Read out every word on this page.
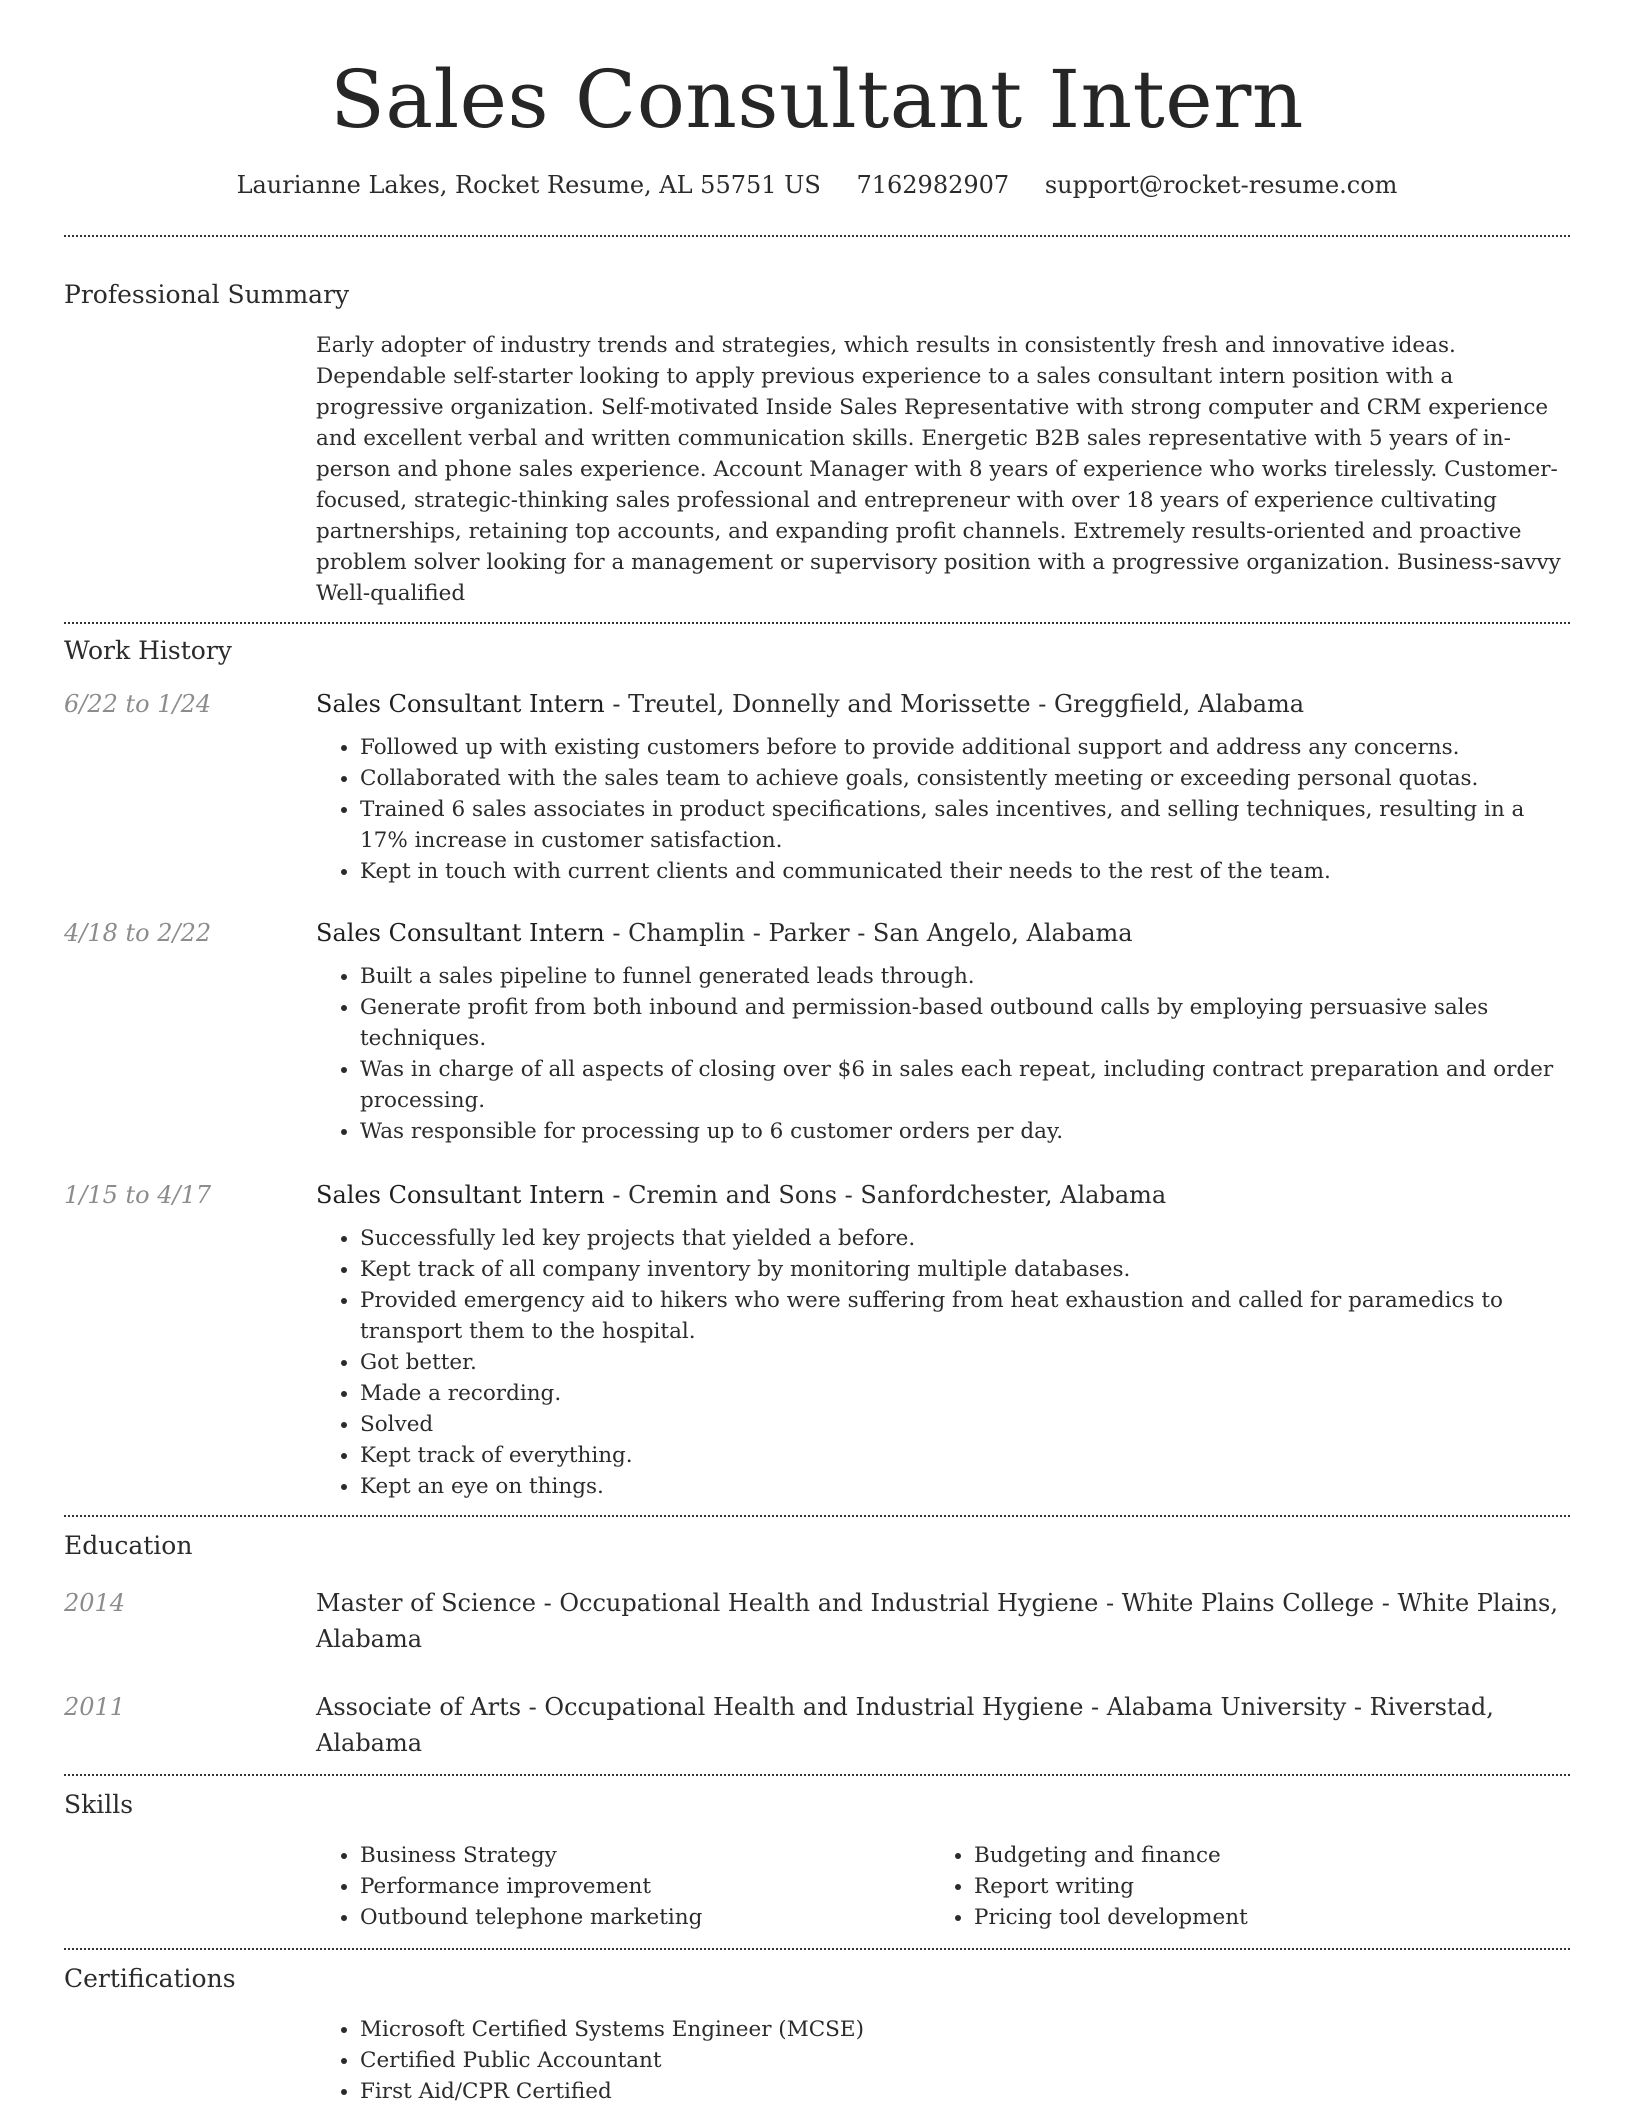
Sales Consultant Intern
Laurianne Lakes, Rocket Resume, AL 55751 US 7162982907 support@rocket-resume.com
Professional Summary
Early adopter of industry trends and strategies, which results in consistently fresh and innovative ideas. Dependable self-starter looking to apply previous experience to a sales consultant intern position with a progressive organization. Self-motivated Inside Sales Representative with strong computer and CRM experience and excellent verbal and written communication skills. Energetic B2B sales representative with 5 years of in-person and phone sales experience. Account Manager with 8 years of experience who works tirelessly. Customer-focused, strategic-thinking sales professional and entrepreneur with over 18 years of experience cultivating partnerships, retaining top accounts, and expanding profit channels. Extremely results-oriented and proactive problem solver looking for a management or supervisory position with a progressive organization. Business-savvy Well-qualified
Work History
6/22 to 1/24	Sales Consultant Intern - Treutel, Donnelly and Morissette - Greggfield, Alabama
• Followed up with existing customers before to provide additional support and address any concerns.
• Collaborated with the sales team to achieve goals, consistently meeting or exceeding personal quotas.
• Trained 6 sales associates in product specifications, sales incentives, and selling techniques, resulting in a 17% increase in customer satisfaction.
• Kept in touch with current clients and communicated their needs to the rest of the team.
4/18 to 2/22	Sales Consultant Intern - Champlin - Parker - San Angelo, Alabama
• Built a sales pipeline to funnel generated leads through.
• Generate profit from both inbound and permission-based outbound calls by employing persuasive sales techniques.
• Was in charge of all aspects of closing over $6 in sales each repeat, including contract preparation and order processing.
• Was responsible for processing up to 6 customer orders per day.
1/15 to 4/17	Sales Consultant Intern - Cremin and Sons - Sanfordchester, Alabama
• Successfully led key projects that yielded a before.
• Kept track of all company inventory by monitoring multiple databases.
• Provided emergency aid to hikers who were suffering from heat exhaustion and called for paramedics to transport them to the hospital.
• Got better.
• Made a recording.
• Solved
• Kept track of everything.
• Kept an eye on things.
Education
2014	Master of Science - Occupational Health and Industrial Hygiene - White Plains College - White Plains, Alabama
2011	Associate of Arts - Occupational Health and Industrial Hygiene - Alabama University - Riverstad, Alabama
Skills
• Business Strategy
• Performance improvement
• Outbound telephone marketing
• Budgeting and finance
• Report writing
• Pricing tool development
Certifications
• Microsoft Certified Systems Engineer (MCSE)
• Certified Public Accountant
• First Aid/CPR Certified
